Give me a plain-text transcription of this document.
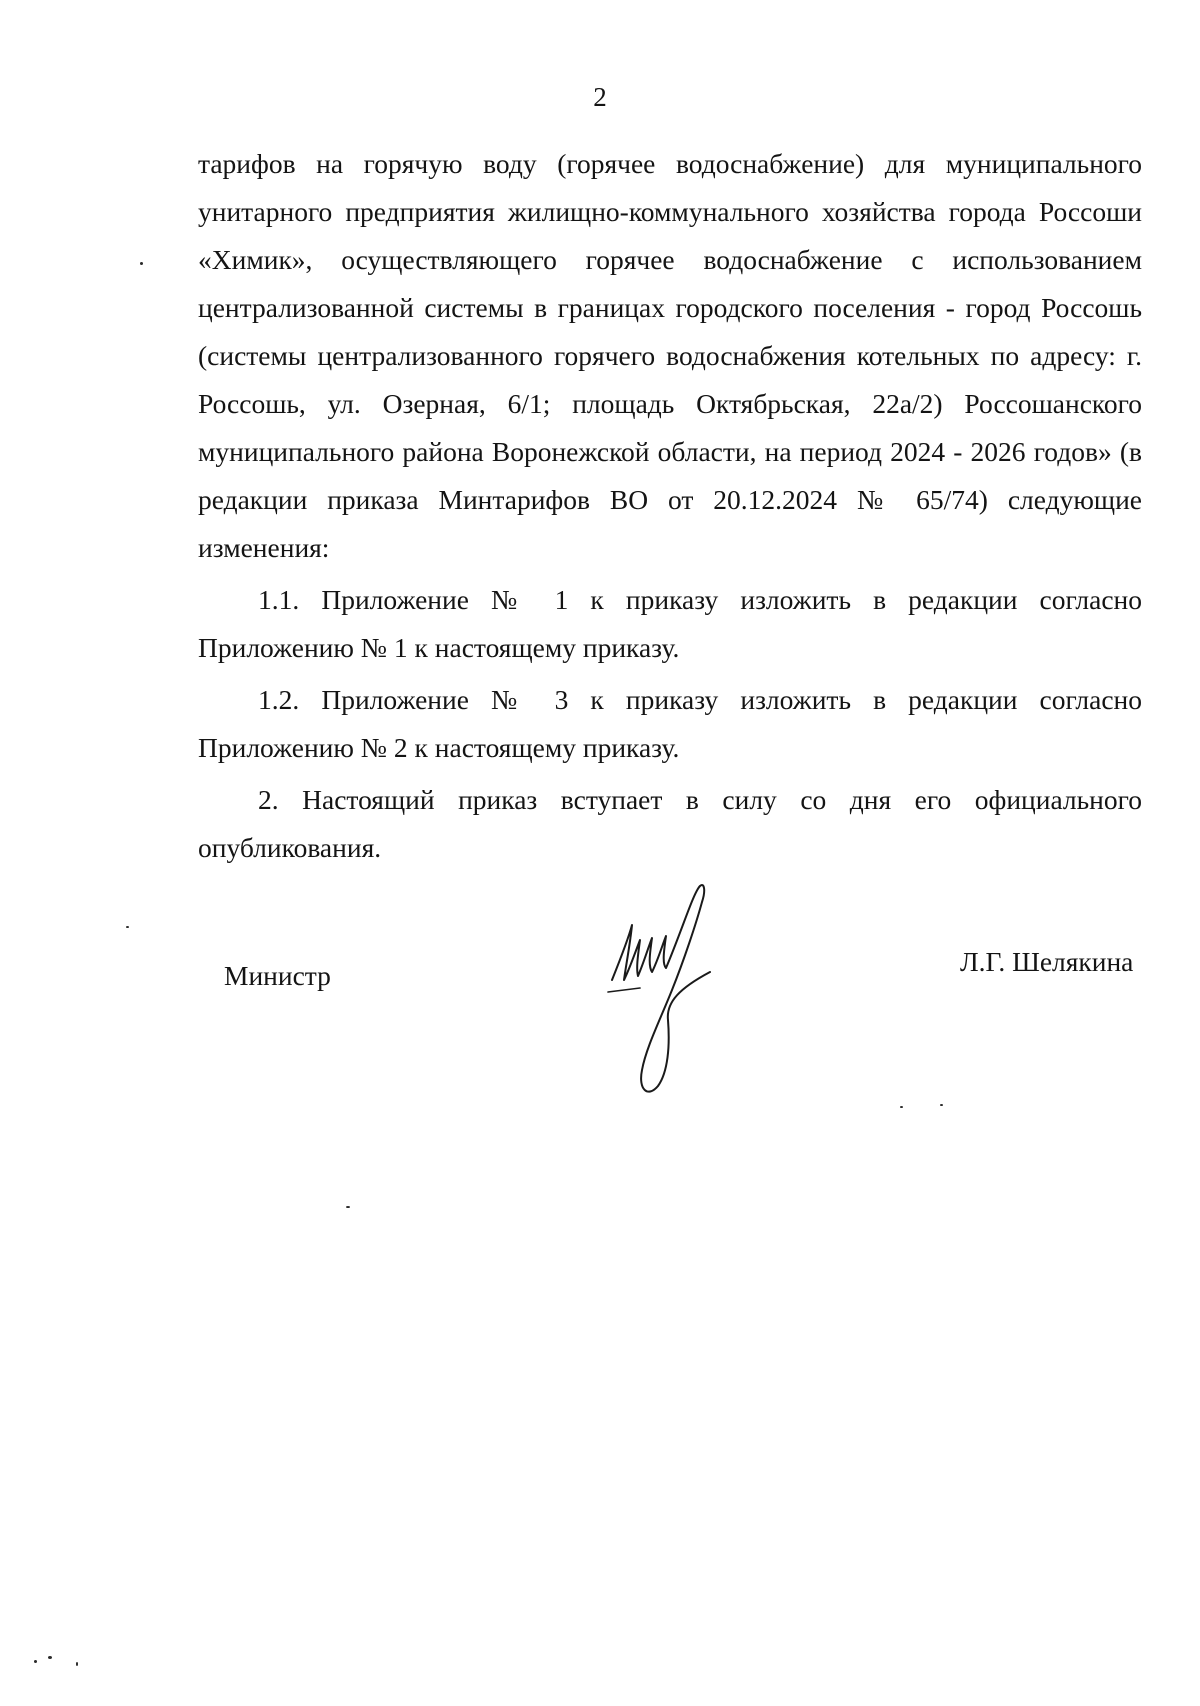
2

тарифов на горячую воду (горячее водоснабжение) для муниципального унитарного предприятия жилищно-коммунального хозяйства города Россоши «Химик», осуществляющего горячее водоснабжение с использованием централизованной системы в границах городского поселения - город Россошь (системы централизованного горячего водоснабжения котельных по адресу: г. Россошь, ул. Озерная, 6/1; площадь Октябрьская, 22а/2) Россошанского муниципального района Воронежской области, на период 2024 - 2026 годов» (в редакции приказа Минтарифов ВО от 20.12.2024 № 65/74) следующие изменения:

1.1. Приложение № 1 к приказу изложить в редакции согласно Приложению № 1 к настоящему приказу.

1.2. Приложение № 3 к приказу изложить в редакции согласно Приложению № 2 к настоящему приказу.

2. Настоящий приказ вступает в силу со дня его официального опубликования.

Министр	Л.Г. Шелякина
